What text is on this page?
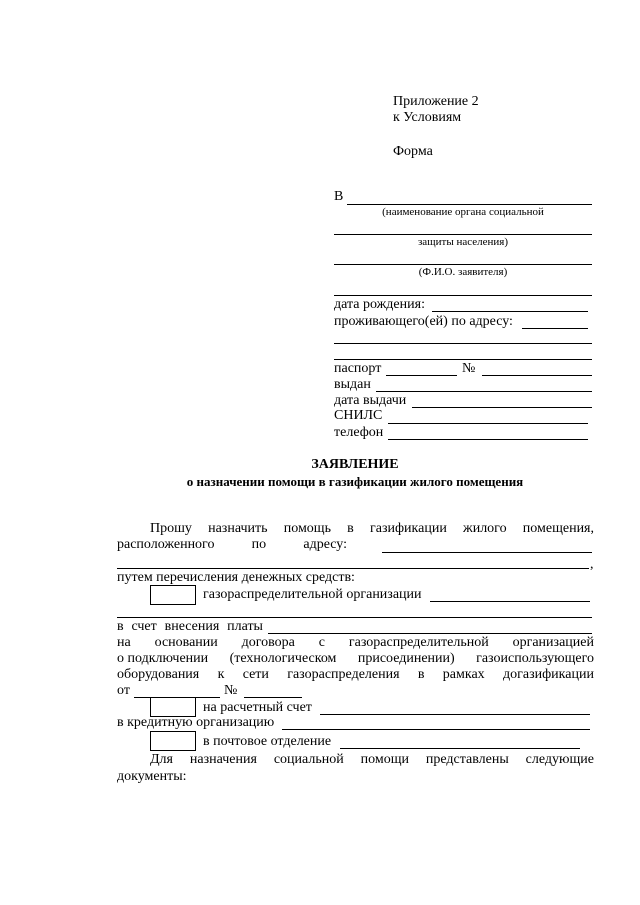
Приложение 2
к Условиям
Форма
В
(наименование органа социальной
защиты населения)
(Ф.И.О. заявителя)
дата рождения:
проживающего(ей) по адресу:
паспорт	№
выдан
дата выдачи
СНИЛС
телефон
ЗАЯВЛЕНИЕ
о назначении помощи в газификации жилого помещения
Прошу назначить помощь в газификации жилого помещения,
расположенного	по	адресу:
,
путем перечисления денежных средств:
газораспределительной организации
в счет внесения платы
на основании договора с газораспределительной организацией
о подключении (технологическом присоединении) газоиспользующего
оборудования к сети газораспределения в рамках догазификации
от	№
на расчетный счет
в кредитную организацию
в почтовое отделение
Для назначения социальной помощи представлены следующие
документы:
